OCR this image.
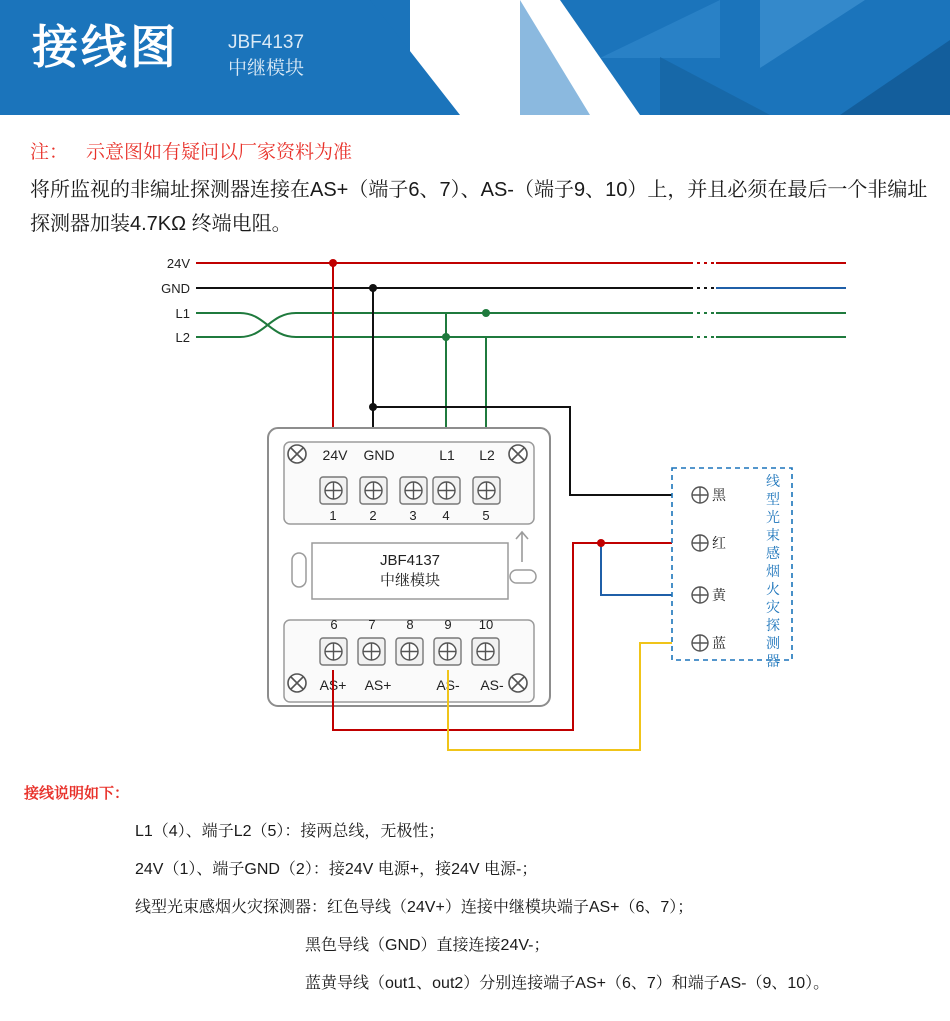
接线图	JBF4137
中继模块
注： 示意图如有疑问以厂家资料为准
将所监视的非编址探测器连接在AS+（端子6、7）、AS-（端子9、10）上，并且必须在最后一个非编址探测器加装4.7KΩ 终端电阻。
24V
GND
L1
L2
24V GND	L1 L2
1	2	3 4	5
6 7 8 9 10
AS+ AS+	AS- AS-
JBF4137
中继模块
黑
红
黄
蓝
线
型
光
束
感
烟
火
灾
探
测
器
接线说明如下：
L1（4）、端子L2（5）：接两总线，无极性；
24V（1）、端子GND（2）：接24V 电源+，接24V 电源-；
线型光束感烟火灾探测器：红色导线（24V+）连接中继模块端子AS+（6、7）；
黑色导线（GND）直接连接24V-；
蓝黄导线（out1、out2）分别连接端子AS+（6、7）和端子AS-（9、10）。
